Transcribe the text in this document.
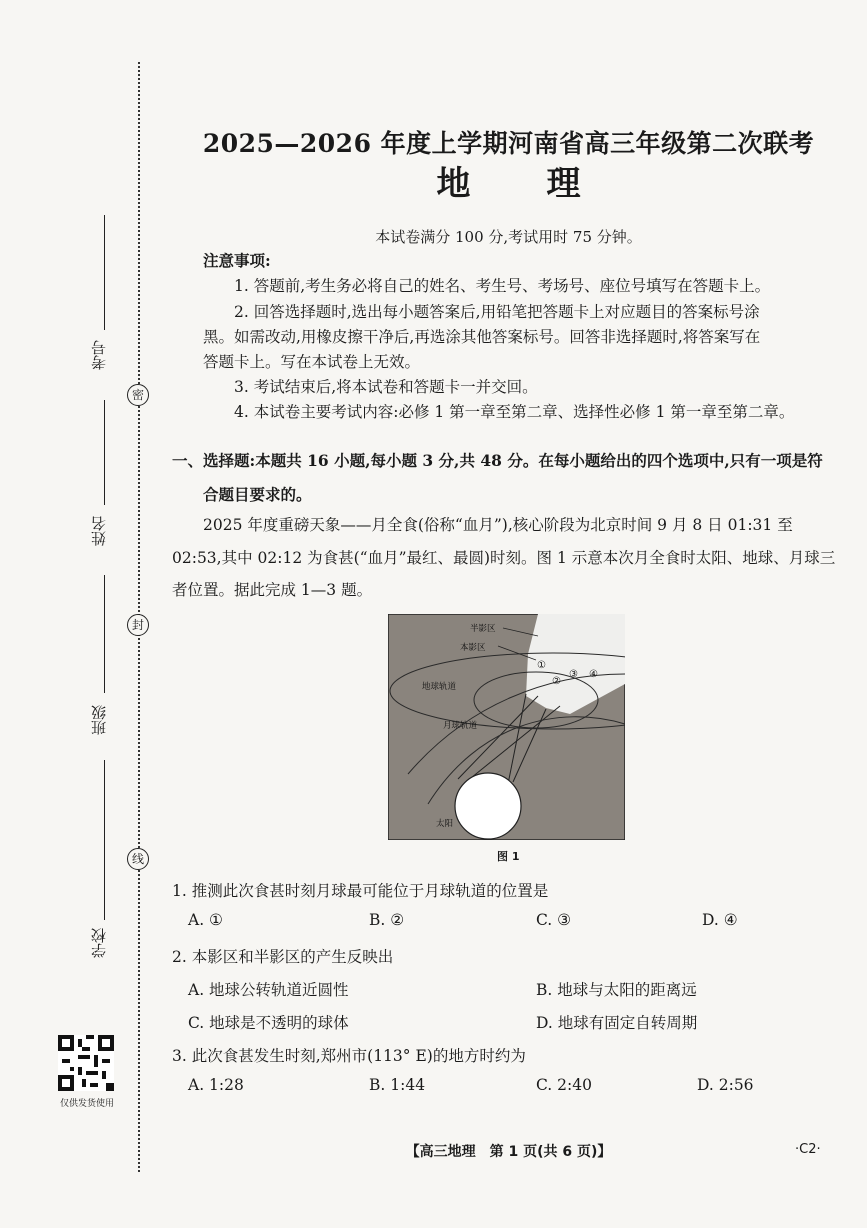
密
封
线
考号
姓名
班级
学校
仅供发货使用
2025—2026 年度上学期河南省高三年级第二次联考
地 理
本试卷满分 100 分,考试用时 75 分钟。
注意事项:
1. 答题前,考生务必将自己的姓名、考生号、考场号、座位号填写在答题卡上。
2. 回答选择题时,选出每小题答案后,用铅笔把答题卡上对应题目的答案标号涂
黑。如需改动,用橡皮擦干净后,再选涂其他答案标号。回答非选择题时,将答案写在
答题卡上。写在本试卷上无效。
3. 考试结束后,将本试卷和答题卡一并交回。
4. 本试卷主要考试内容:必修 1 第一章至第二章、选择性必修 1 第一章至第二章。
一、选择题:本题共 16 小题,每小题 3 分,共 48 分。在每小题给出的四个选项中,只有一项是符
合题目要求的。
2025 年度重磅天象——月全食(俗称“血月”),核心阶段为北京时间 9 月 8 日 01:31 至
02:53,其中 02:12 为食甚(“血月”最红、最圆)时刻。图 1 示意本次月全食时太阳、地球、月球三
者位置。据此完成 1—3 题。
半影区
本影区
地球轨道
月球轨道
太阳
①
②
③ ④
图 1
1. 推测此次食甚时刻月球最可能位于月球轨道的位置是
A. ①	B. ②	C. ③	D. ④
2. 本影区和半影区的产生反映出
A. 地球公转轨道近圆性	B. 地球与太阳的距离远
C. 地球是不透明的球体	D. 地球有固定自转周期
3. 此次食甚发生时刻,郑州市(113° E)的地方时约为
A. 1:28	B. 1:44	C. 2:40	D. 2:56
【高三地理　第 1 页(共 6 页)】	·C2·
